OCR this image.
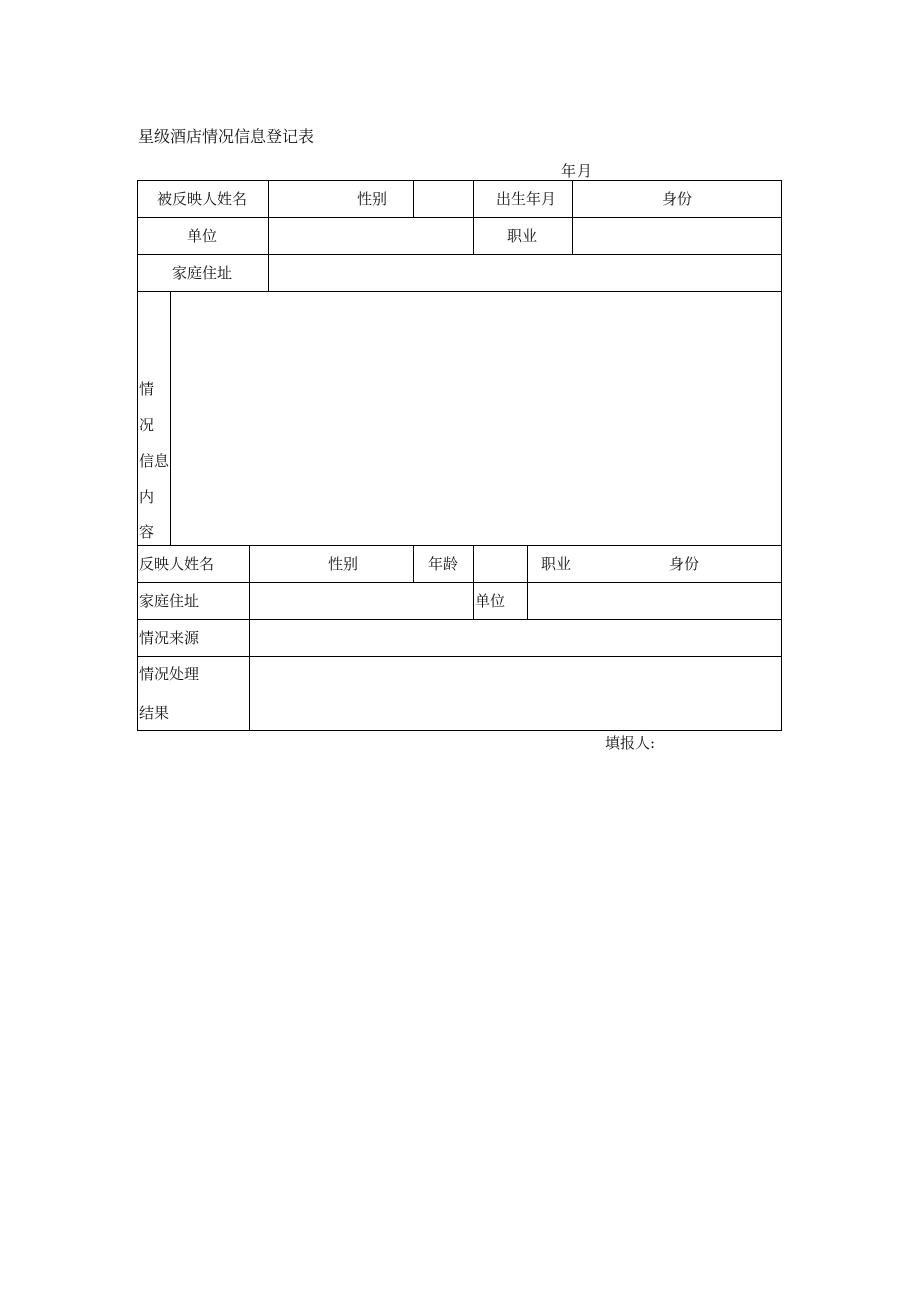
星级酒店情况信息登记表
年月
被反映人姓名	性别	出生年月	身份
单位	职业
家庭住址
情
况
信息
内
容
反映人姓名	性别	年龄	职业	身份
家庭住址	单位
情况来源
情况处理
结果
填报人:
